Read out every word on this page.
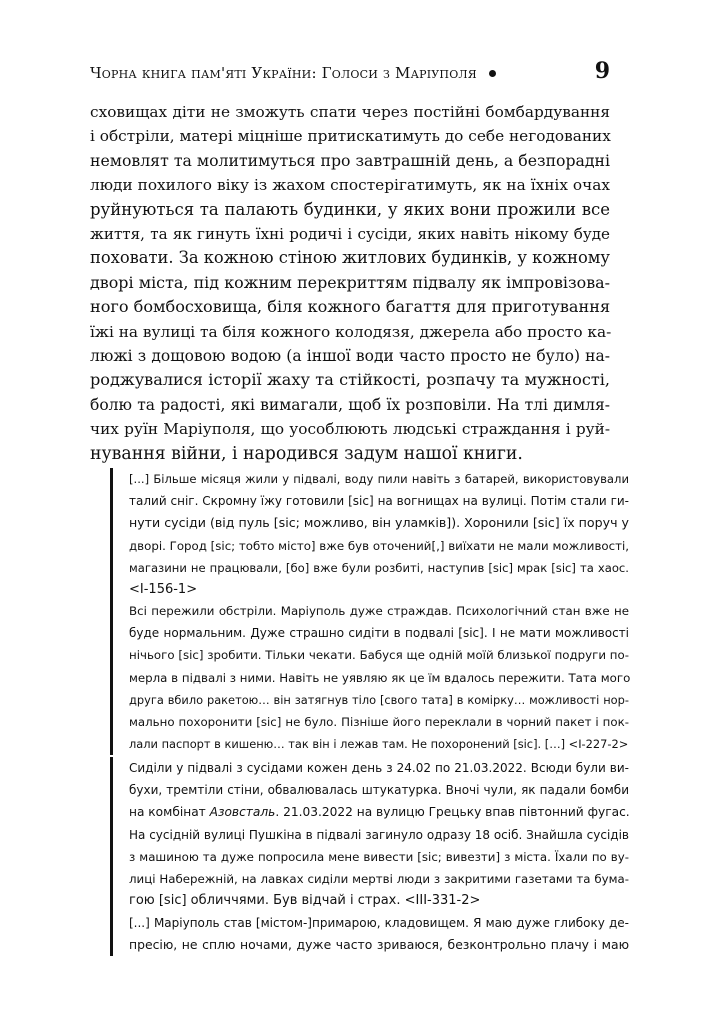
Чорна книга пам'яті України: Голоси з Маріуполя	9

сховищах діти не зможуть спати через постійні бомбардування
і обстріли, матері міцніше притискатимуть до себе негодованих
немовлят та молитимуться про завтрашній день, а безпорадні
люди похилого віку із жахом спостерігатимуть, як на їхніх очах
руйнуються та палають будинки, у яких вони прожили все
життя, та як гинуть їхні родичі і сусіди, яких навіть нікому буде
поховати. За кожною стіною житлових будинків, у кожному
дворі міста, під кожним перекриттям підвалу як імпровізова-
ного бомбосховища, біля кожного багаття для приготування
їжі на вулиці та біля кожного колодязя, джерела або просто ка-
люжі з дощовою водою (а іншої води часто просто не було) на-
роджувалися історії жаху та стійкості, розпачу та мужності,
болю та радості, які вимагали, щоб їх розповіли. На тлі димля-
чих руїн Маріуполя, що уособлюють людські страждання і руй-
нування війни, і народився задум нашої книги.

[...] Більше місяця жили у підвалі, воду пили навіть з батарей, використовували
талий сніг. Скромну їжу готовили [sic] на вогнищах на вулиці. Потім стали ги-
нути сусіди (від пуль [sic; можливо, він уламків]). Хоронили [sic] їх поруч у
дворі. Город [sic; тобто місто] вже був оточений[,] виїхати не мали можливості,
магазини не працювали, [бо] вже були розбиті, наступив [sic] мрак [sic] та хаос.
<I-156-1>
Всі пережили обстріли. Маріуполь дуже страждав. Психологічний стан вже не
буде нормальним. Дуже страшно сидіти в подвалі [sic]. І не мати можливості
нічього [sic] зробити. Тільки чекати. Бабуся ще одній моїй близької подруги по-
мерла в підвалі з ними. Навіть не уявляю як це їм вдалось пережити. Тата мого
друга вбило ракетою… він затягнув тіло [свого тата] в комірку… можливості нор-
мально похоронити [sic] не було. Пізніше його переклали в чорний пакет і пок-
лали паспорт в кишеню… так він і лежав там. Не похоронений [sic]. […] <I-227-2>
Сиділи у підвалі з сусідами кожен день з 24.02 по 21.03.2022. Всюди були ви-
бухи, тремтіли стіни, обвалювалась штукатурка. Вночі чули, як падали бомби
на комбінат Азовсталь. 21.03.2022 на вулицю Грецьку впав півтонний фугас.
На сусідній вулиці Пушкіна в підвалі загинуло одразу 18 осіб. Знайшла сусідів
з машиною та дуже попросила мене вивести [sic; вивезти] з міста. Їхали по ву-
лиці Набережній, на лавках сиділи мертві люди з закритими газетами та бума-
гою [sic] обличчями. Був відчай і страх. <III-331-2>
[...] Маріуполь став [містом-]примарою, кладовищем. Я маю дуже глибоку де-
пресію, не сплю ночами, дуже часто зриваюся, безконтрольно плачу і маю
